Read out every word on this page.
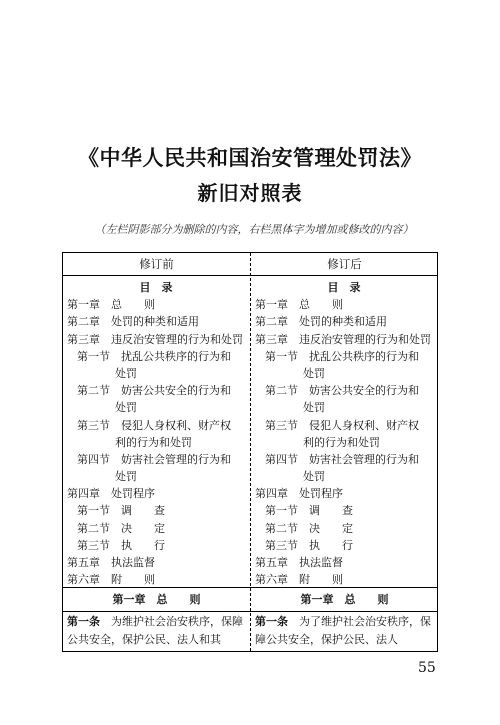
《中华人民共和国治安管理处罚法》
新旧对照表
（左栏阴影部分为删除的内容，右栏黑体字为增加或修改的内容）
修订前	修订后
目　录
第一章　总　　则
第二章　处罚的种类和适用
第三章　违反治安管理的行为和处罚
第一节　扰乱公共秩序的行为和
处罚
第二节　妨害公共安全的行为和
处罚
第三节　侵犯人身权利、财产权
利的行为和处罚
第四节　妨害社会管理的行为和
处罚
第四章　处罚程序
第一节　调　　查
第二节　决　　定
第三节　执　　行
第五章　执法监督
第六章　附　　则
目　录
第一章　总　　则
第二章　处罚的种类和适用
第三章　违反治安管理的行为和处罚
第一节　扰乱公共秩序的行为和
处罚
第二节　妨害公共安全的行为和
处罚
第三节　侵犯人身权利、财产权
利的行为和处罚
第四节　妨害社会管理的行为和
处罚
第四章　处罚程序
第一节　调　　查
第二节　决　　定
第三节　执　　行
第五章　执法监督
第六章　附　　则
第一章　总　　则	第一章　总　　则
第一条　为维护社会治安秩序，保障公共安全，保护公民、法人和其
第一条　为了维护社会治安秩序，保障公共安全，保护公民、法人
55
